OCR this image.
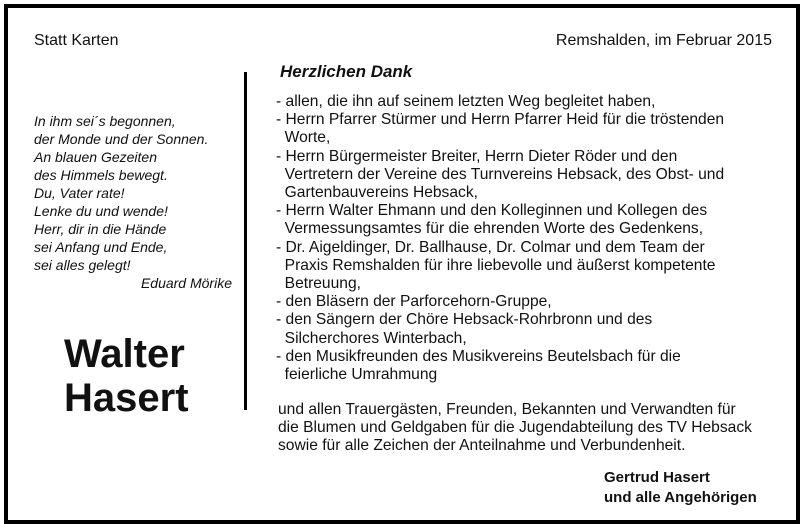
Statt Karten	Remshalden, im Februar 2015
In ihm sei´s begonnen,
der Monde und der Sonnen.
An blauen Gezeiten
des Himmels bewegt.
Du, Vater rate!
Lenke du und wende!
Herr, dir in die Hände
sei Anfang und Ende,
sei alles gelegt!
Eduard Mörike
Walter
Hasert
Herzlichen Dank
- allen, die ihn auf seinem letzten Weg begleitet haben,
- Herrn Pfarrer Stürmer und Herrn Pfarrer Heid für die tröstenden
Worte,
- Herrn Bürgermeister Breiter, Herrn Dieter Röder und den
Vertretern der Vereine des Turnvereins Hebsack, des Obst- und
Gartenbauvereins Hebsack,
- Herrn Walter Ehmann und den Kolleginnen und Kollegen des
Vermessungsamtes für die ehrenden Worte des Gedenkens,
- Dr. Aigeldinger, Dr. Ballhause, Dr. Colmar und dem Team der
Praxis Remshalden für ihre liebevolle und äußerst kompetente
Betreuung,
- den Bläsern der Parforcehorn-Gruppe,
- den Sängern der Chöre Hebsack-Rohrbronn und des
Silcherchores Winterbach,
- den Musikfreunden des Musikvereins Beutelsbach für die
feierliche Umrahmung
und allen Trauergästen, Freunden, Bekannten und Verwandten für
die Blumen und Geldgaben für die Jugendabteilung des TV Hebsack
sowie für alle Zeichen der Anteilnahme und Verbundenheit.
Gertrud Hasert
und alle Angehörigen
